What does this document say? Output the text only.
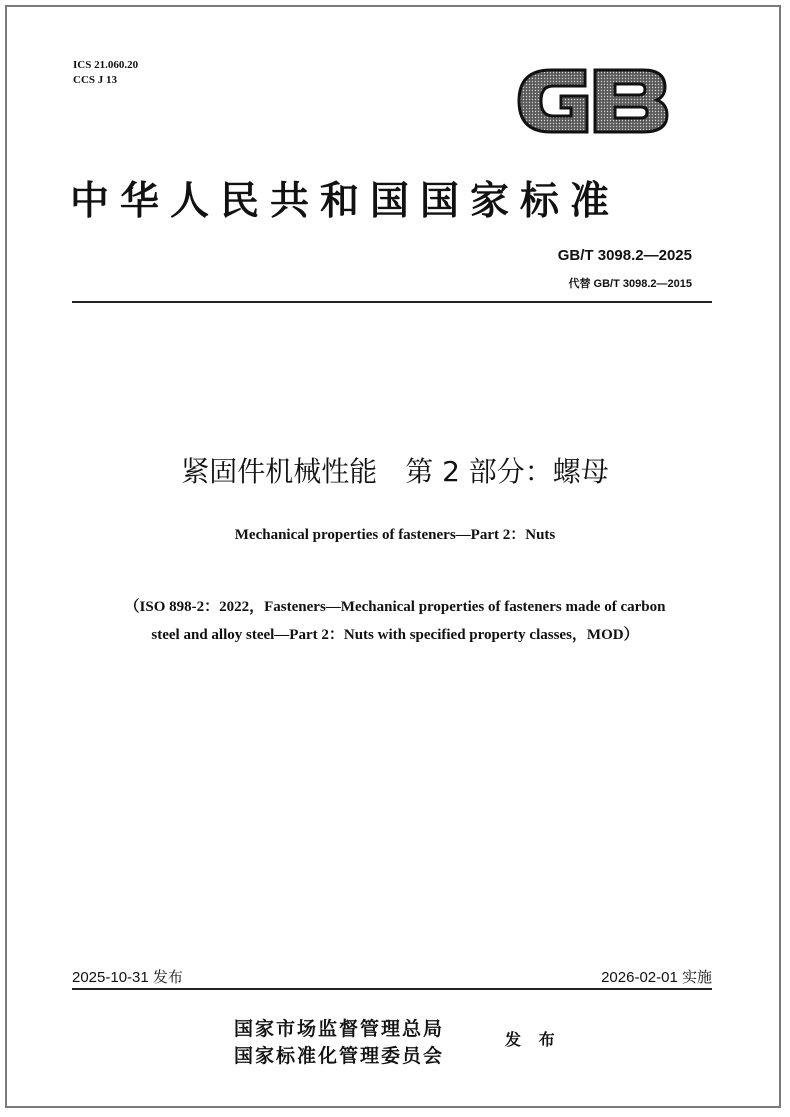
ICS 21.060.20
CCS J 13
中华人民共和国国家标准
GB/T 3098.2—2025
代替 GB/T 3098.2—2015
紧固件机械性能　第 2 部分：螺母
Mechanical properties of fasteners—Part 2：Nuts
（ISO 898-2：2022，Fasteners—Mechanical properties of fasteners made of carbon
steel and alloy steel—Part 2：Nuts with specified property classes，MOD）
2025-10-31 发布	2026-02-01 实施
国家市场监督管理总局
国家标准化管理委员会
发 布
